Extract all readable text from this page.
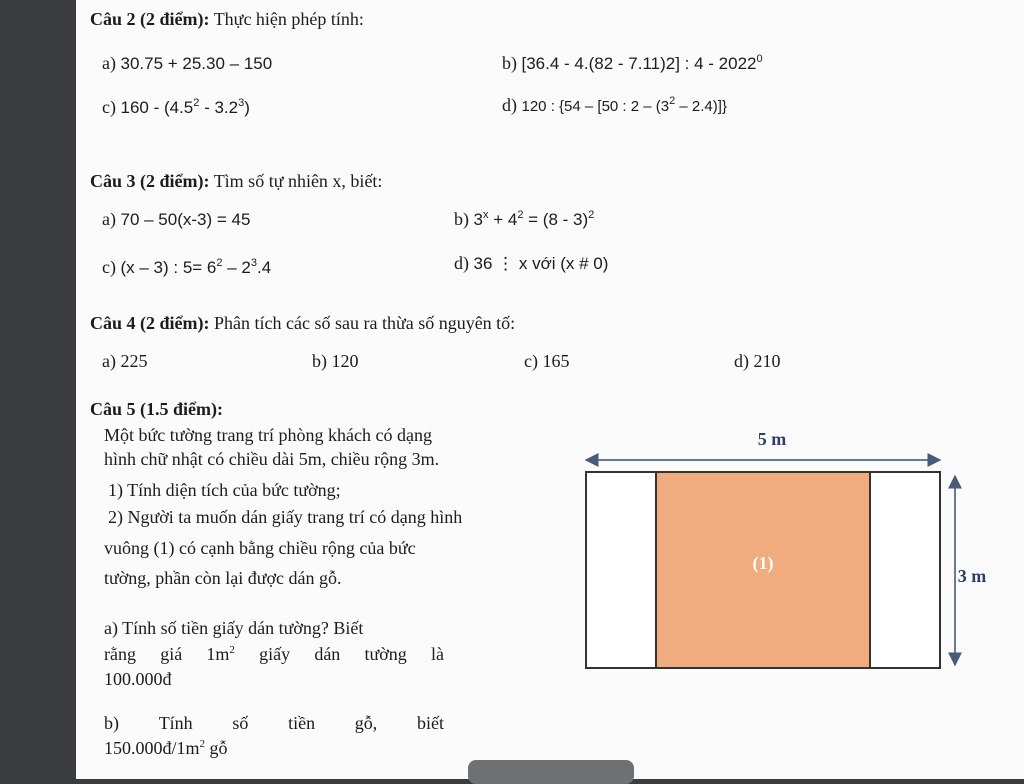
Câu 2 (2 điểm): Thực hiện phép tính:
a) 30.75 + 25.30 – 150	b) [36.4 - 4.(82 - 7.11)2] : 4 - 2022$^0$
c) $160 - (4.5^2 - 3.2^3)$	d) 120 : {54 – [50 : $2 - (3^2 - 2.4)$]}
Câu 3 (2 điểm): Tìm số tự nhiên x, biết:
a) 70 – 50(x-3) = 45	b) $3^x + 4^2 = (8 - 3)^2$
c) (x – 3) : $5= 6^2 - 2^3.4$	d) 36 ⋮ x với (x # 0)
Câu 4 (2 điểm): Phân tích các số sau ra thừa số nguyên tố:
a) 225	b) 120	c) 165	d) 210
Câu 5 (1.5 điểm):
Một bức tường trang trí phòng khách có dạng
hình chữ nhật có chiều dài 5m, chiều rộng 3m.
1) Tính diện tích của bức tường;
2) Người ta muốn dán giấy trang trí có dạng hình
vuông (1) có cạnh bằng chiều rộng của bức
tường, phần còn lại được dán gỗ.
a) Tính số tiền giấy dán tường? Biết
rằng giá $1m^2$ giấy dán tường là
100.000đ
b) Tính số tiền gỗ, biết
$150.000đ/1m^2$ gỗ
5 m
(1)
3 m
